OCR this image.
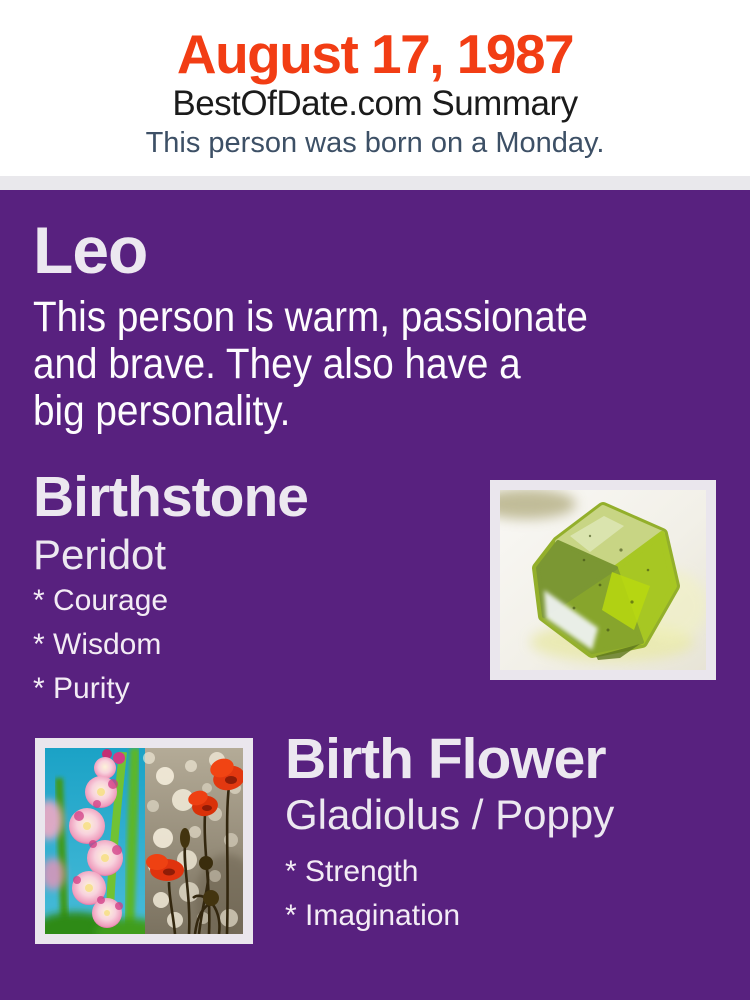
August 17, 1987
BestOfDate.com Summary
This person was born on a Monday.
Leo
This person is warm, passionate
and brave. They also have a
big personality.
Birthstone
Peridot
* Courage
* Wisdom
* Purity
Birth Flower
Gladiolus / Poppy
* Strength
* Imagination
